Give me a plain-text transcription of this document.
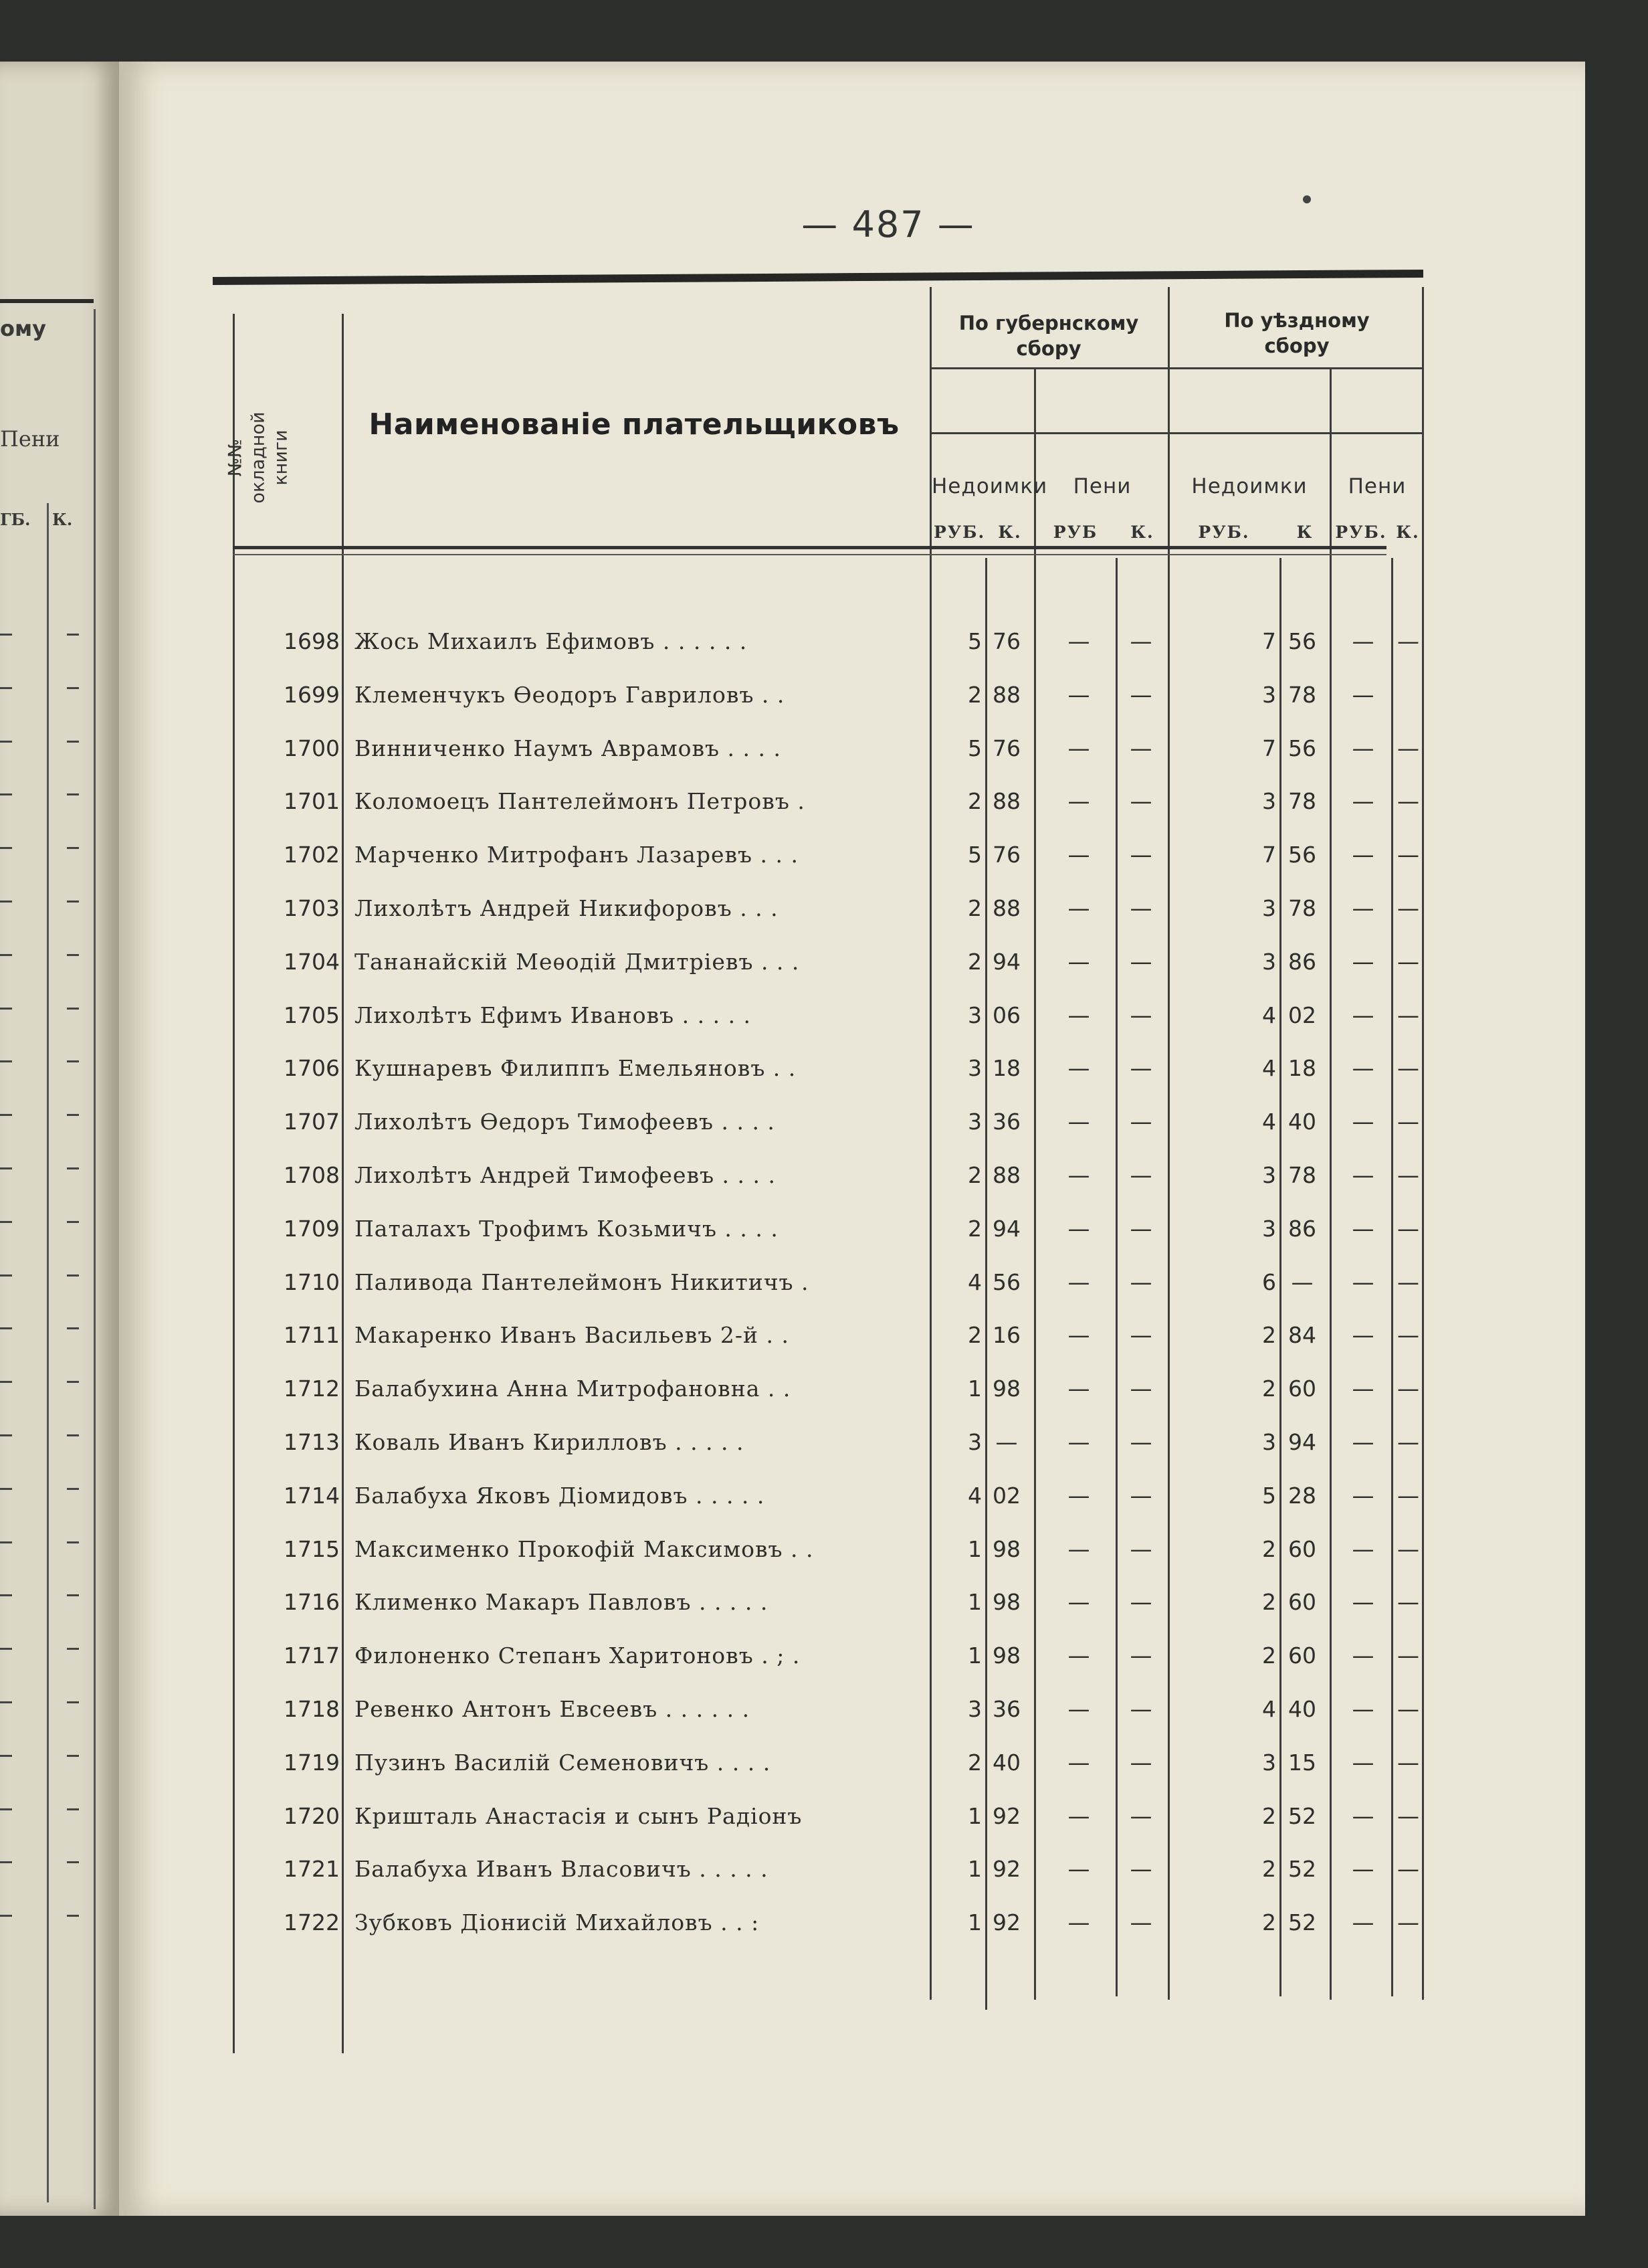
ому
Пени
ГБ. К.
— 487 —
№№ окладной
книги
Наименованіе плательщиковъ
По губернскому
сбору
По уѣздному
сбору
Недоимки	Пени	Недоимки	Пени
РУБ. К.	РУБ	К.	РУБ.	К	РУБ. К.
1698 Жось Михаилъ Ефимовъ . . . . . .	5 76	—	—	7 56	—	—
1699 Клеменчукъ Өеодоръ Гавриловъ . .	2 88	—	—	3 78	—
1700 Винниченко Наумъ Аврамовъ . . . .	5 76	—	—	7 56	—	—
1701 Коломоецъ Пантелеймонъ Петровъ .	2 88	—	—	3 78	—	—
1702 Марченко Митрофанъ Лазаревъ . . .	5 76	—	—	7 56	—	—
1703 Лихолѣтъ Андрей Никифоровъ . . .	2 88	—	—	3 78	—	—
1704 Тананайскій Меѳодій Дмитріевъ . . .	2 94	—	—	3 86	—	—
1705 Лихолѣтъ Ефимъ Ивановъ . . . . .	3 06	—	—	4 02	—	—
1706 Кушнаревъ Филиппъ Емельяновъ . .	3 18	—	—	4 18	—	—
1707 Лихолѣтъ Өедоръ Тимофеевъ . . . .	3 36	—	—	4 40	—	—
1708 Лихолѣтъ Андрей Тимофеевъ . . . .	2 88	—	—	3 78	—	—
1709 Паталахъ Трофимъ Козьмичъ . . . .	2 94	—	—	3 86	—	—
1710 Паливода Пантелеймонъ Никитичъ .	4 56	—	—	6 —	—	—
1711 Макаренко Иванъ Васильевъ 2-й . .	2 16	—	—	2 84	—	—
1712 Балабухина Анна Митрофановна . .	1 98	—	—	2 60	—	—
1713 Коваль Иванъ Кирилловъ . . . . .	3 —	—	—	3 94	—	—
1714 Балабуха Яковъ Діомидовъ . . . . .	4 02	—	—	5 28	—	—
1715 Максименко Прокофій Максимовъ . .	1 98	—	—	2 60	—	—
1716 Клименко Макаръ Павловъ . . . . .	1 98	—	—	2 60	—	—
1717 Филоненко Степанъ Харитоновъ . ; .	1 98	—	—	2 60	—	—
1718 Ревенко Антонъ Евсеевъ . . . . . .	3 36	—	—	4 40	—	—
1719 Пузинъ Василій Семеновичъ . . . .	2 40	—	—	3 15	—	—
1720 Кришталь Анастасія и сынъ Радіонъ	1 92	—	—	2 52	—	—
1721 Балабуха Иванъ Власовичъ . . . . .	1 92	—	—	2 52	—	—
1722 Зубковъ Діонисій Михайловъ . . :	1 92	—	—	2 52	—	—
